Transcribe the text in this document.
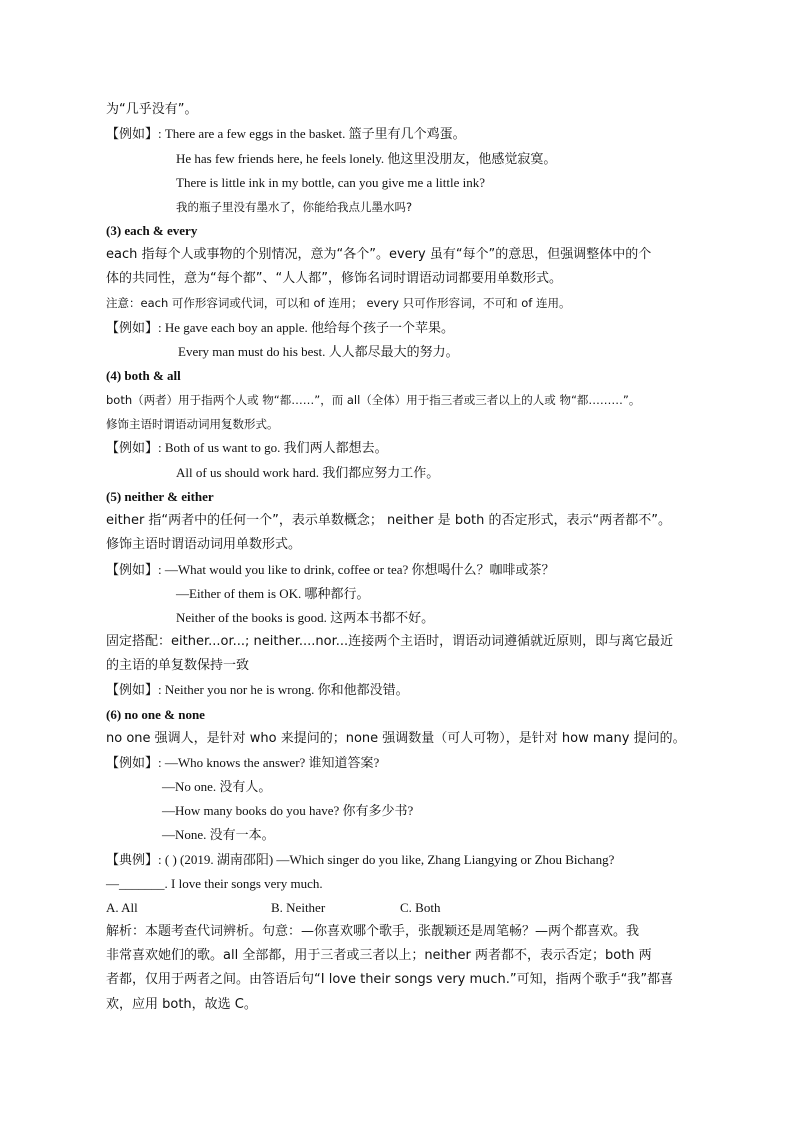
为“几乎没有”。
【例如】: There are a few eggs in the basket. 篮子里有几个鸡蛋。
He has few friends here, he feels lonely. 他这里没朋友，他感觉寂寞。
There is little ink in my bottle, can you give me a little ink?
我的瓶子里没有墨水了，你能给我点儿墨水吗?
(3) each & every
each 指每个人或事物的个别情况，意为“各个”。every 虽有“每个”的意思，但强调整体中的个
体的共同性，意为“每个都”、“人人都”，修饰名词时谓语动词都要用单数形式。
注意：each 可作形容词或代词，可以和 of 连用； every 只可作形容词，不可和 of 连用。
【例如】: He gave each boy an apple. 他给每个孩子一个苹果。
Every man must do his best. 人人都尽最大的努力。
(4) both & all
both（两者）用于指两个人或 物“都……”，而 all（全体）用于指三者或三者以上的人或 物“都………”。
修饰主语时谓语动词用复数形式。
【例如】: Both of us want to go. 我们两人都想去。
All of us should work hard. 我们都应努力工作。
(5) neither & either
either 指“两者中的任何一个”，表示单数概念； neither 是 both 的否定形式，表示“两者都不”。
修饰主语时谓语动词用单数形式。
【例如】: —What would you like to drink, coffee or tea? 你想喝什么？咖啡或茶？
—Either of them is OK. 哪种都行。
Neither of the books is good. 这两本书都不好。
固定搭配：either...or...; neither....nor...连接两个主语时，谓语动词遵循就近原则，即与离它最近
的主语的单复数保持一致
【例如】: Neither you nor he is wrong. 你和他都没错。
(6) no one & none
no one 强调人，是针对 who 来提问的；none 强调数量（可人可物），是针对 how many 提问的。
【例如】: —Who knows the answer? 谁知道答案?
—No one. 没有人。
—How many books do you have? 你有多少书?
—None. 没有一本。
【典例】: ( ) (2019. 湖南邵阳) —Which singer do you like, Zhang Liangying or Zhou Bichang?
—_______. I love their songs very much.
A. All	B. Neither	C. Both
解析：本题考查代词辨析。句意：—你喜欢哪个歌手，张靓颖还是周笔畅？—两个都喜欢。我
非常喜欢她们的歌。all 全部都，用于三者或三者以上；neither 两者都不，表示否定；both 两
者都，仅用于两者之间。由答语后句“I love their songs very much.”可知，指两个歌手“我”都喜
欢，应用 both，故选 C。
